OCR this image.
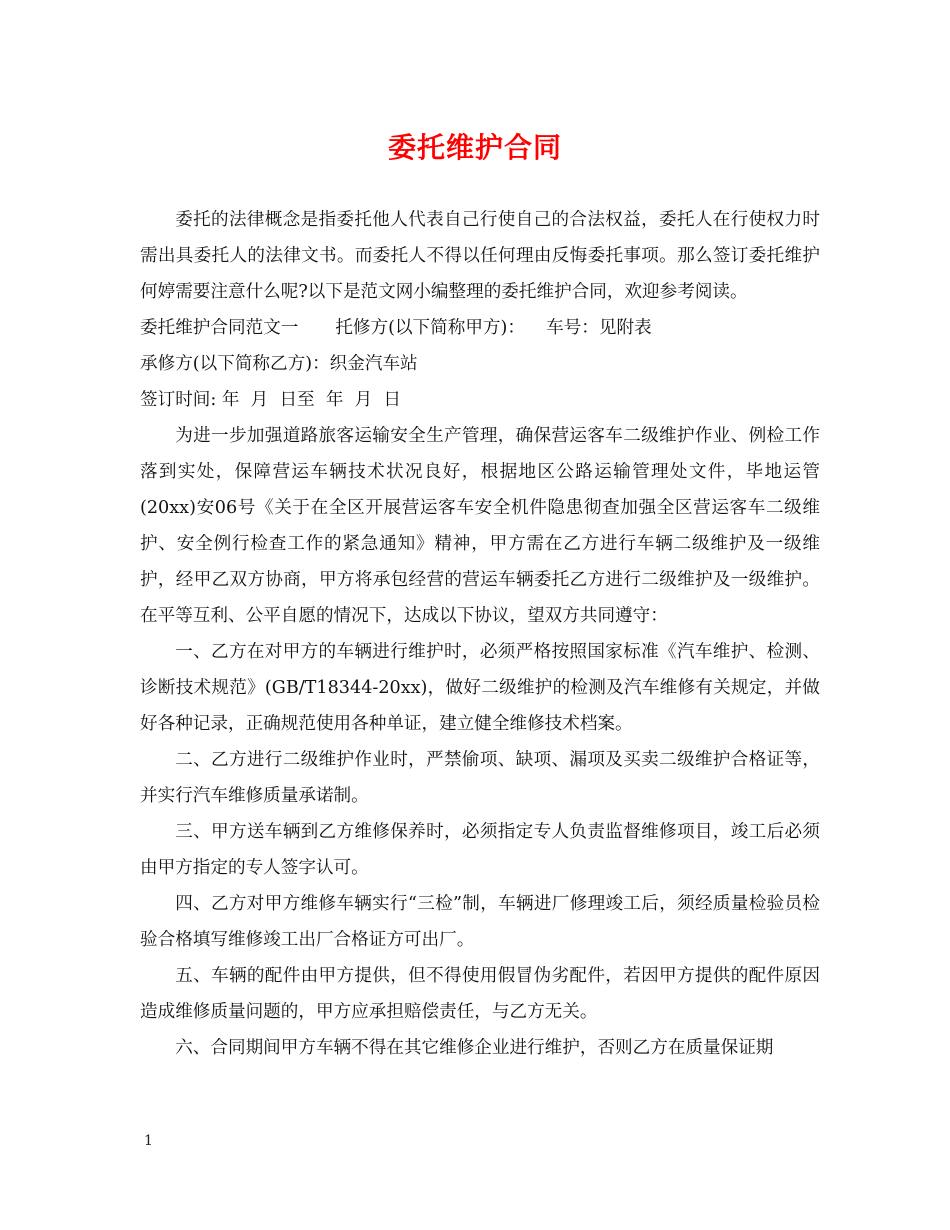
委托维护合同

委托的法律概念是指委托他人代表自己行使自己的合法权益，委托人在行使权力时需出具委托人的法律文书。而委托人不得以任何理由反悔委托事项。那么签订委托维护何婷需要注意什么呢?以下是范文网小编整理的委托维护合同，欢迎参考阅读。

委托维护合同范文一 托修方(以下简称甲方)： 车号：见附表

承修方(以下简称乙方)：织金汽车站

签订时间: 年  月  日至  年  月  日

为进一步加强道路旅客运输安全生产管理，确保营运客车二级维护作业、例检工作落到实处，保障营运车辆技术状况良好，根据地区公路运输管理处文件，毕地运管(20xx)安06号《关于在全区开展营运客车安全机件隐患彻查加强全区营运客车二级维护、安全例行检查工作的紧急通知》精神，甲方需在乙方进行车辆二级维护及一级维护，经甲乙双方协商，甲方将承包经营的营运车辆委托乙方进行二级维护及一级维护。在平等互利、公平自愿的情况下，达成以下协议，望双方共同遵守：

一、乙方在对甲方的车辆进行维护时，必须严格按照国家标准《汽车维护、检测、诊断技术规范》(GB/T18344-20xx)，做好二级维护的检测及汽车维修有关规定，并做好各种记录，正确规范使用各种单证，建立健全维修技术档案。

二、乙方进行二级维护作业时，严禁偷项、缺项、漏项及买卖二级维护合格证等，并实行汽车维修质量承诺制。

三、甲方送车辆到乙方维修保养时，必须指定专人负责监督维修项目，竣工后必须由甲方指定的专人签字认可。

四、乙方对甲方维修车辆实行“三检”制，车辆进厂修理竣工后，须经质量检验员检验合格填写维修竣工出厂合格证方可出厂。

五、车辆的配件由甲方提供，但不得使用假冒伪劣配件，若因甲方提供的配件原因造成维修质量问题的，甲方应承担赔偿责任，与乙方无关。

六、合同期间甲方车辆不得在其它维修企业进行维护，否则乙方在质量保证期

1
